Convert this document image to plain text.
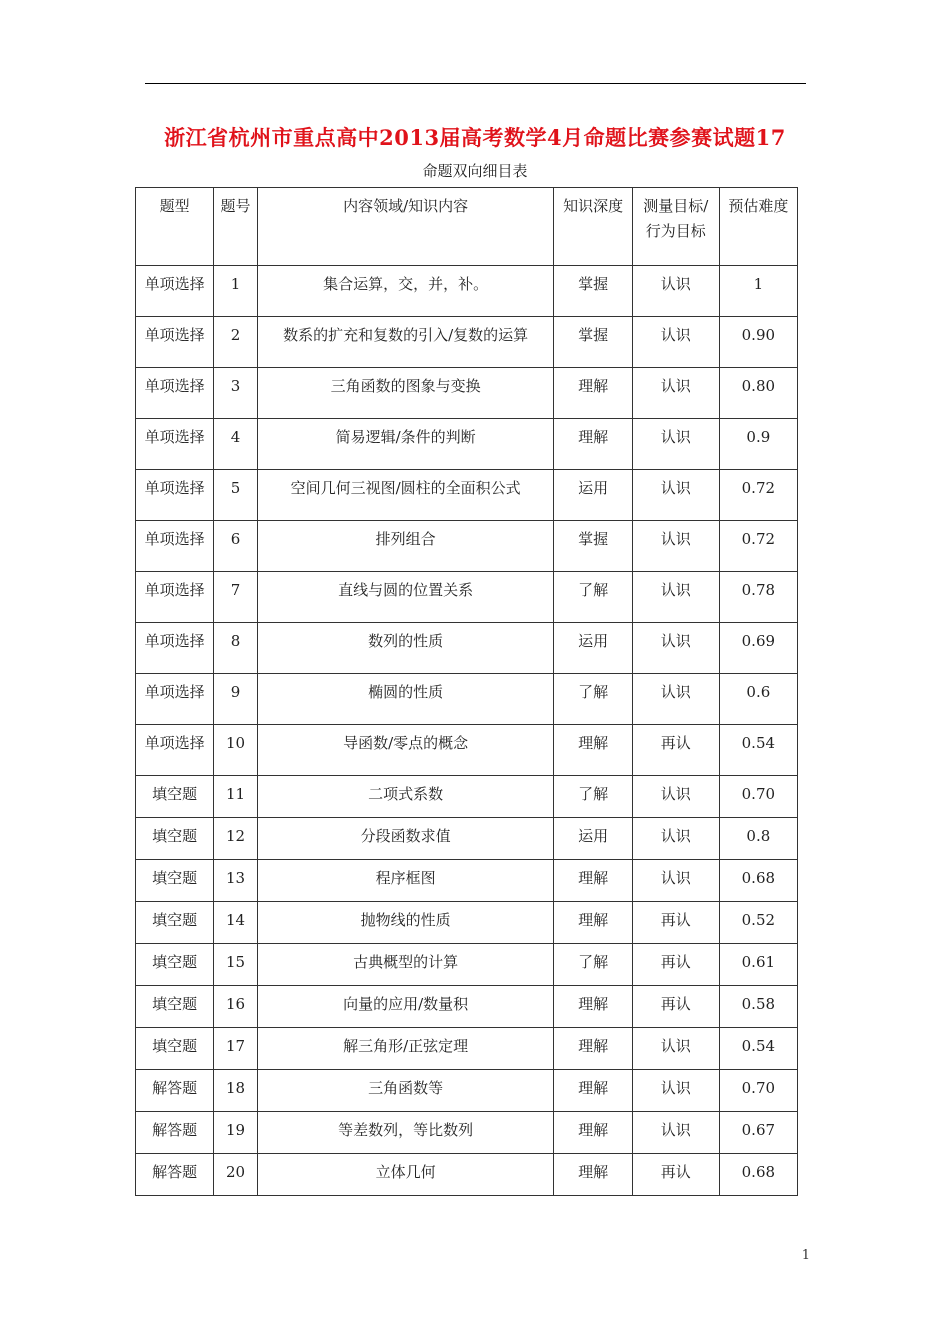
浙江省杭州市重点高中2013届高考数学4月命题比赛参赛试题17
命题双向细目表
题型	题号	内容领域/知识内容	知识深度	测量目标/行为目标	预估难度
单项选择	1	集合运算，交，并，补。	掌握	认识	1
单项选择	2	数系的扩充和复数的引入/复数的运算	掌握	认识	0.90
单项选择	3	三角函数的图象与变换	理解	认识	0.80
单项选择	4	简易逻辑/条件的判断	理解	认识	0.9
单项选择	5	空间几何三视图/圆柱的全面积公式	运用	认识	0.72
单项选择	6	排列组合	掌握	认识	0.72
单项选择	7	直线与圆的位置关系	了解	认识	0.78
单项选择	8	数列的性质	运用	认识	0.69
单项选择	9	椭圆的性质	了解	认识	0.6
单项选择	10	导函数/零点的概念	理解	再认	0.54
填空题	11	二项式系数	了解	认识	0.70
填空题	12	分段函数求值	运用	认识	0.8
填空题	13	程序框图	理解	认识	0.68
填空题	14	抛物线的性质	理解	再认	0.52
填空题	15	古典概型的计算	了解	再认	0.61
填空题	16	向量的应用/数量积	理解	再认	0.58
填空题	17	解三角形/正弦定理	理解	认识	0.54
解答题	18	三角函数等	理解	认识	0.70
解答题	19	等差数列，等比数列	理解	认识	0.67
解答题	20	立体几何	理解	再认	0.68
1
